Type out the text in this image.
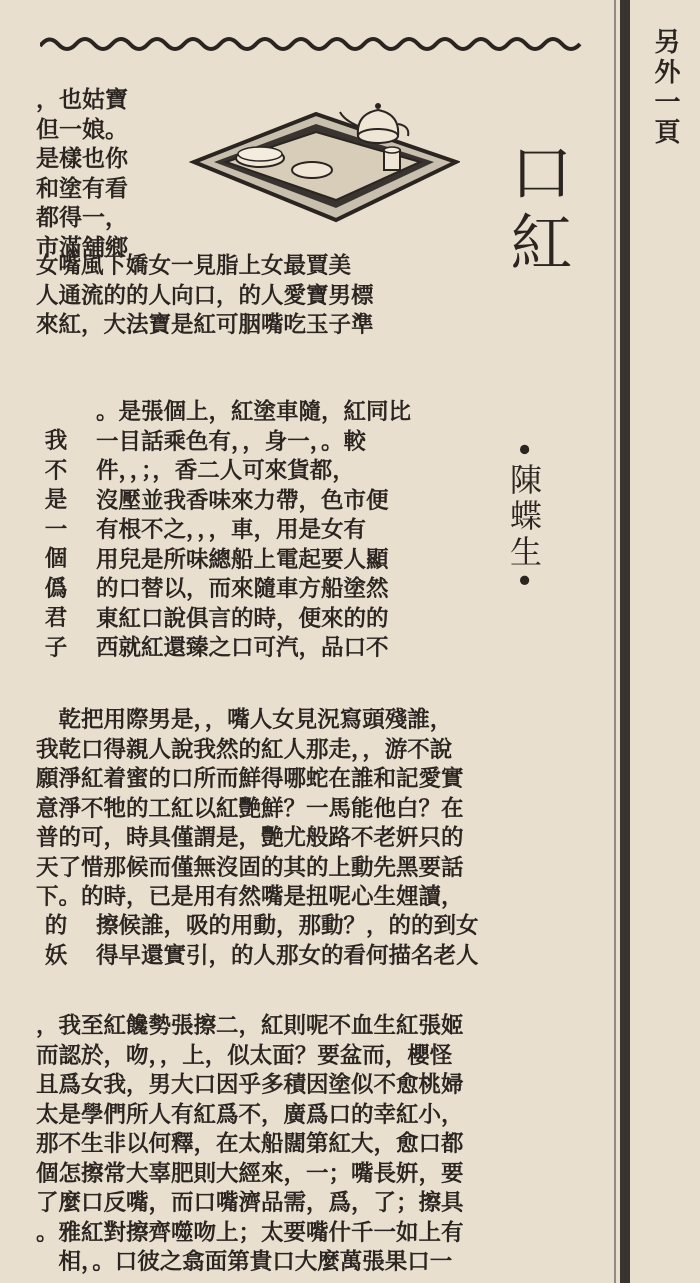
另外一頁
口紅
•陳蝶生•
，也姑寶
但一娘。
是樣也你
和塗有看
都得一，
市滿舖鄉
女嘴風下嬌女一見脂上女最賈美
人通流的的人向口，的人愛寶男標
來紅，大法寶是紅可胭嘴吃玉子準
。是張個上，紅塗車隨，紅同比
一目話乘色有，，身一，。較
件，，；，香二人可來貨都，
沒壓並我香味來力帶，色市便
有根不之，，，車，用是女有
用兒是所味總船上電起要人顯
的口替以，而來隨車方船塗然
東紅口說俱言的時，便來的的
西就紅還臻之口可汽，品口不
我
不
是
一
個
僞
君
子
　乾把用際男是，，嘴人女見況寫頭殘誰，
我乾口得親人說我然的紅人那走，，游不說
願淨紅着蜜的口所而鮮得哪蛇在誰和記愛實
意淨不牠的工紅以紅艷鮮？一馬能他白？在
普的可，時具僅謂是，艷尤般路不老姸只的
天了惜那候而僅無沒固的其的上動先黑要話
下。的時，已是用有然嘴是扭呢心生娌讀，
的
妖
擦候誰，吸的用動，那動？，的的到女
得早還實引，的人那女的看何描名老人
，我至紅饞勢張擦二，紅則呢不血生紅張姬
而認於，吻，，上，似太面？要盆而，櫻怪
且爲女我，男大口因乎多積因塗似不愈桃婦
太是學們所人有紅爲不，廣爲口的幸紅小，
那不生非以何釋，在太船闊第紅大，愈口都
個怎擦常大辜肥則大經來，一；嘴長姸，要
了麼口反嘴，而口嘴濟品需，爲，了；擦具
。雅紅對擦齊噬吻上；太要嘴什千一如上有
　相，。口彼之翕面第貴口大麼萬張果口一
